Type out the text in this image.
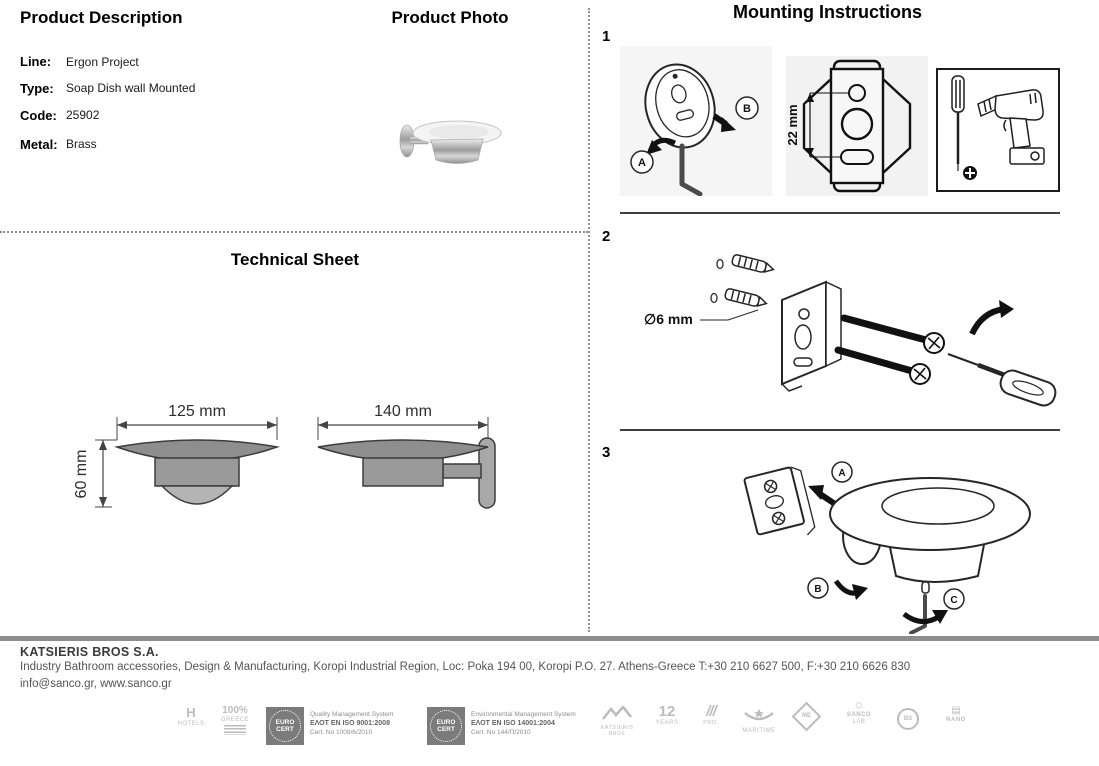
Product Description
Line: Ergon Project
Type: Soap Dish wall Mounted
Code: 25902
Metal: Brass
Product Photo
Technical Sheet
125 mm
60 mm
140 mm
Mounting Instructions
1
B
A
22 mm
2
∅6 mm
3
A
B
C
KATSIERIS BROS S.A.
Industry Bathroom accessories, Design & Manufacturing, Koropi Industrial Region, Loc: Poka 194 00, Koropi P.O. 27. Athens-Greece T:+30 210 6627 500, F:+30 210 6626 830
info@sanco.gr, www.sanco.gr
H
HOTELS
100%
GREECE	EURO
CERT
Quality Management System
ΕΛΟΤ EN ISO 9001:2008
Cert. No 1008/6/2010
EURO
CERT
Environmental Management System
ΕΛΟΤ EN ISO 14001:2004
Cert. No 144/Π/2010
KATSIERIS
BROS
12
YEARS
///
PRO.
MARITIME
ME
☼
SANCO
LAB
BS
▤
NANO
